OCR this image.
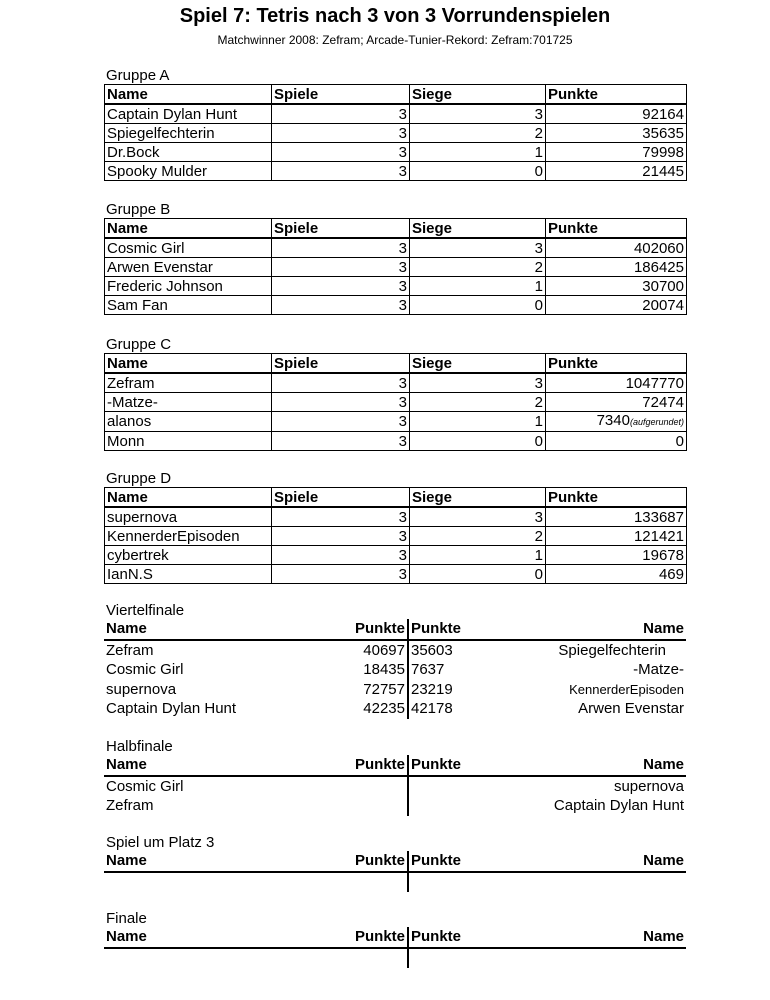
Spiel 7: Tetris nach 3 von 3 Vorrundenspielen
Matchwinner 2008: Zefram; Arcade-Tunier-Rekord: Zefram:701725
Gruppe A
Name	Spiele	Siege	Punkte
Captain Dylan Hunt	3	3	92164
Spiegelfechterin	3	2	35635
Dr.Bock	3	1	79998
Spooky Mulder	3	0	21445
Gruppe B
Name	Spiele	Siege	Punkte
Cosmic Girl	3	3	402060
Arwen Evenstar	3	2	186425
Frederic Johnson	3	1	30700
Sam Fan	3	0	20074
Gruppe C
Name	Spiele	Siege	Punkte
Zefram	3	3	1047770
-Matze-	3	2	72474
alanos	3	1	7340(aufgerundet)
Monn	3	0	0
Gruppe D
Name	Spiele	Siege	Punkte
supernova	3	3	133687
KennerderEpisoden	3	2	121421
cybertrek	3	1	19678
IanN.S	3	0	469
Viertelfinale
Name	Punkte	Punkte	Name
Zefram	40697	35603	Spiegelfechterin
Cosmic Girl	18435	7637	-Matze-
supernova	72757	23219	KennerderEpisoden
Captain Dylan Hunt	42235	42178	Arwen Evenstar
Halbfinale
Name	Punkte	Punkte	Name
Cosmic Girl			supernova
Zefram			Captain Dylan Hunt
Spiel um Platz 3
Name	Punkte	Punkte	Name

Finale
Name	Punkte	Punkte	Name
